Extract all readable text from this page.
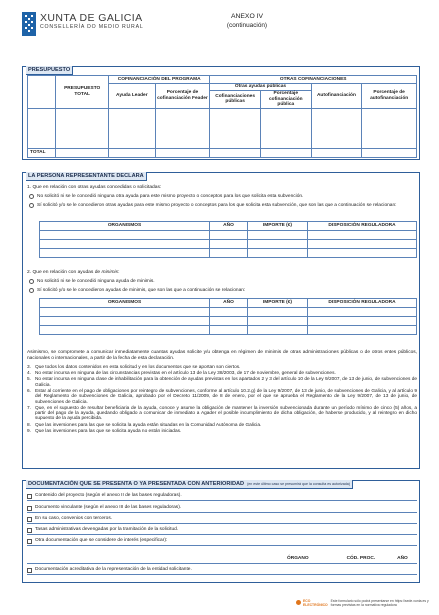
XUNTA DE GALICIA
CONSELLERÍA DO MEDIO RURAL
ANEXO IV
(continuación)
PRESUPUESTO
	PRESUPUESTO TOTAL	COFINANCIACIÓN DEL PROGRAMA		OTRAS COFINANCIACIONES			
		Ayuda Leader	Porcentaje de cofinanciación Feader	Otras ayudas públicas		Autofinanciación	Porcentaje de autofinanciación
				Cofinanciaciones públicas	Porcentaje cofinanciación pública		

TOTAL							
LA PERSONA REPRESENTANTE DECLARA
1. Que en relación con otras ayudas concedidas o solicitadas:
No solicitó ni se le concedió ninguna otra ayuda para este mismo proyecto o conceptos para los que solicita esta subvención.
Sí solicitó y/o se le concedieron otras ayudas para este mismo proyecto o conceptos para los que solicita esta subvención, que son las que a continuación se relacionan:
ORGANISMOS	AÑO	IMPORTE (€)	DISPOSICIÓN REGULADORA

2. Que en relación con ayudas de minimis:
No solicitó ni se le concedió ninguna ayuda de minimis.
Sí solicitó y/o se le concedieron ayudas de minimis, que son las que a continuación se relacionan:
ORGANISMOS	AÑO	IMPORTE (€)	DISPOSICIÓN REGULADORA

Asimismo, se compromete a comunicar inmediatamente cuantas ayudas solicite y/u obtenga en régimen de minimis de otras administraciones públicas o de otros entes públicos, nacionales o internacionales, a partir de la fecha de esta declaración.
3. Que todos los datos contenidos en esta solicitud y en los documentos que se aportan son ciertos.
4. No estar incursa en ninguna de las circunstancias previstas en el artículo 13 de la Ley 38/2003, de 17 de noviembre, general de subvenciones.
5. No estar incursa en ninguna clase de inhabilitación para la obtención de ayudas previstas en los apartados 2 y 3 del artículo 10 de la Ley 9/2007, de 13 de junio, de subvenciones de Galicia.
6. Estar al corriente en el pago de obligaciones por reintegro de subvenciones, conforme al artículo 10.2.g) de la Ley 9/2007, de 13 de junio, de subvenciones de Galicia, y al artículo 9 del Reglamento de subvenciones de Galicia, aprobado por el Decreto 11/2009, de 8 de enero, por el que se aprueba el Reglamento de la Ley 9/2007, de 13 de junio, de subvenciones de Galicia.
7. Que, en el supuesto de resultar beneficiaria de la ayuda, conoce y asume la obligación de mantener la inversión subvencionada durante un período mínimo de cinco (5) años, a partir del pago de la ayuda, quedando obligado a comunicar de inmediato a Agader el posible incumplimiento de dicha obligación, de haberse producido, y al reintegro en dicho supuesto de la ayuda percibida.
8. Que las inversiones para las que se solicita la ayuda están situadas en la Comunidad Autónoma de Galicia.
9. Que las inversiones para las que se solicita ayuda no están iniciadas.
DOCUMENTACIÓN QUE SE PRESENTA O YA PRESENTADA CON ANTERIORIDAD (en este último caso se presumirá que la consulta es autorizada)
Contenido del proyecto (según el anexo II de las bases reguladoras).
Documento vinculante (según el anexo III de las bases reguladoras).
En su caso, convenios con terceros.
Tasas administrativas devengadas por la tramitación de la solicitud.
Otra documentación que se considere de interés (especificar):
ÓRGANO	CÓD. PROC.	AÑO
Documentación acreditativa de la representación de la entidad solicitante.
ECO ELECTRÓNICO
Este formulario sólo podrá presentarse en https://sede.xunta.es y formas previstas en la normativa reguladora
